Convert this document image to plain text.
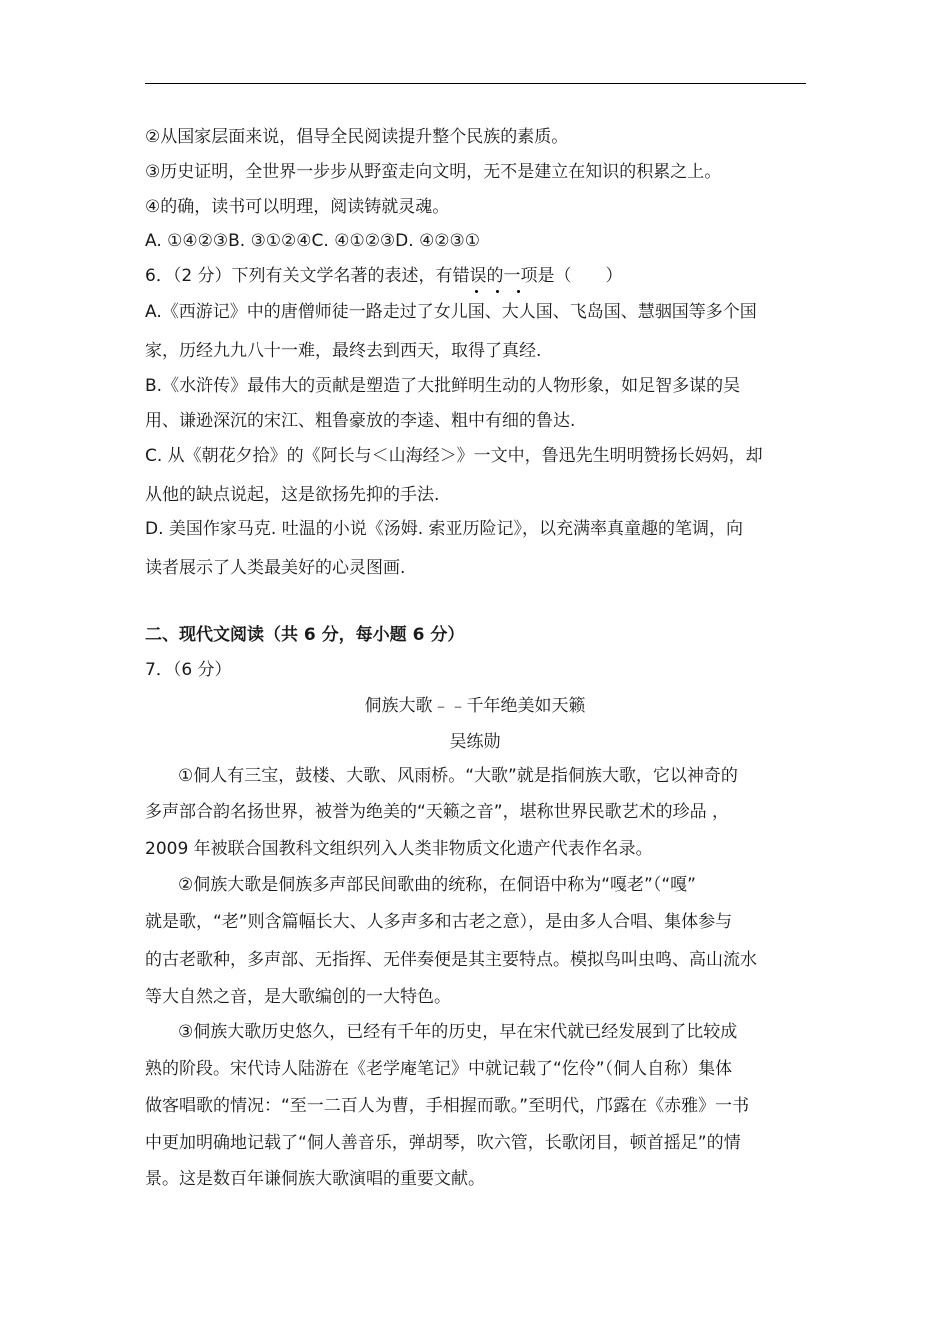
②从国家层面来说，倡导全民阅读提升整个民族的素质。
③历史证明，全世界一步步从野蛮走向文明，无不是建立在知识的积累之上。
④的确，读书可以明理，阅读铸就灵魂。
A. ①④②③B. ③①②④C. ④①②③D. ④②③①
6．（2 分）下列有关文学名著的表述，有错误的一项是（　　）
A.《西游记》中的唐僧师徒一路走过了女儿国、大人国、飞岛国、慧骃国等多个国
家，历经九九八十一难，最终去到西天，取得了真经.
B.《水浒传》最伟大的贡献是塑造了大批鲜明生动的人物形象，如足智多谋的吴
用、谦逊深沉的宋江、粗鲁豪放的李逵、粗中有细的鲁达.
C. 从《朝花夕拾》的《阿长与＜山海经＞》一文中，鲁迅先生明明赞扬长妈妈，却
从他的缺点说起，这是欲扬先抑的手法.
D. 美国作家马克. 吐温的小说《汤姆. 索亚历险记》，以充满率真童趣的笔调，向
读者展示了人类最美好的心灵图画.
二、现代文阅读（共 6 分，每小题 6 分）
7．（6 分）
侗族大歌﹣﹣千年绝美如天籁
吴练勋
①侗人有三宝，鼓楼、大歌、风雨桥。“大歌”就是指侗族大歌，它以神奇的
多声部合韵名扬世界，被誉为绝美的“天籁之音”，堪称世界民歌艺术的珍品 ，
2009 年被联合国教科文组织列入人类非物质文化遗产代表作名录。
②侗族大歌是侗族多声部民间歌曲的统称，在侗语中称为“嘎老”（“嘎”
就是歌，“老”则含篇幅长大、人多声多和古老之意），是由多人合唱、集体参与
的古老歌种，多声部、无指挥、无伴奏便是其主要特点。模拟鸟叫虫鸣、高山流水
等大自然之音，是大歌编创的一大特色。
③侗族大歌历史悠久，已经有千年的历史，早在宋代就已经发展到了比较成
熟的阶段。宋代诗人陆游在《老学庵笔记》中就记载了“仡伶”（侗人自称）集体
做客唱歌的情况：“至一二百人为曹，手相握而歌。”至明代，邝露在《赤雅》一书
中更加明确地记载了“侗人善音乐，弹胡琴，吹六管，长歌闭目，顿首摇足”的情
景。这是数百年谦侗族大歌演唱的重要文献。
